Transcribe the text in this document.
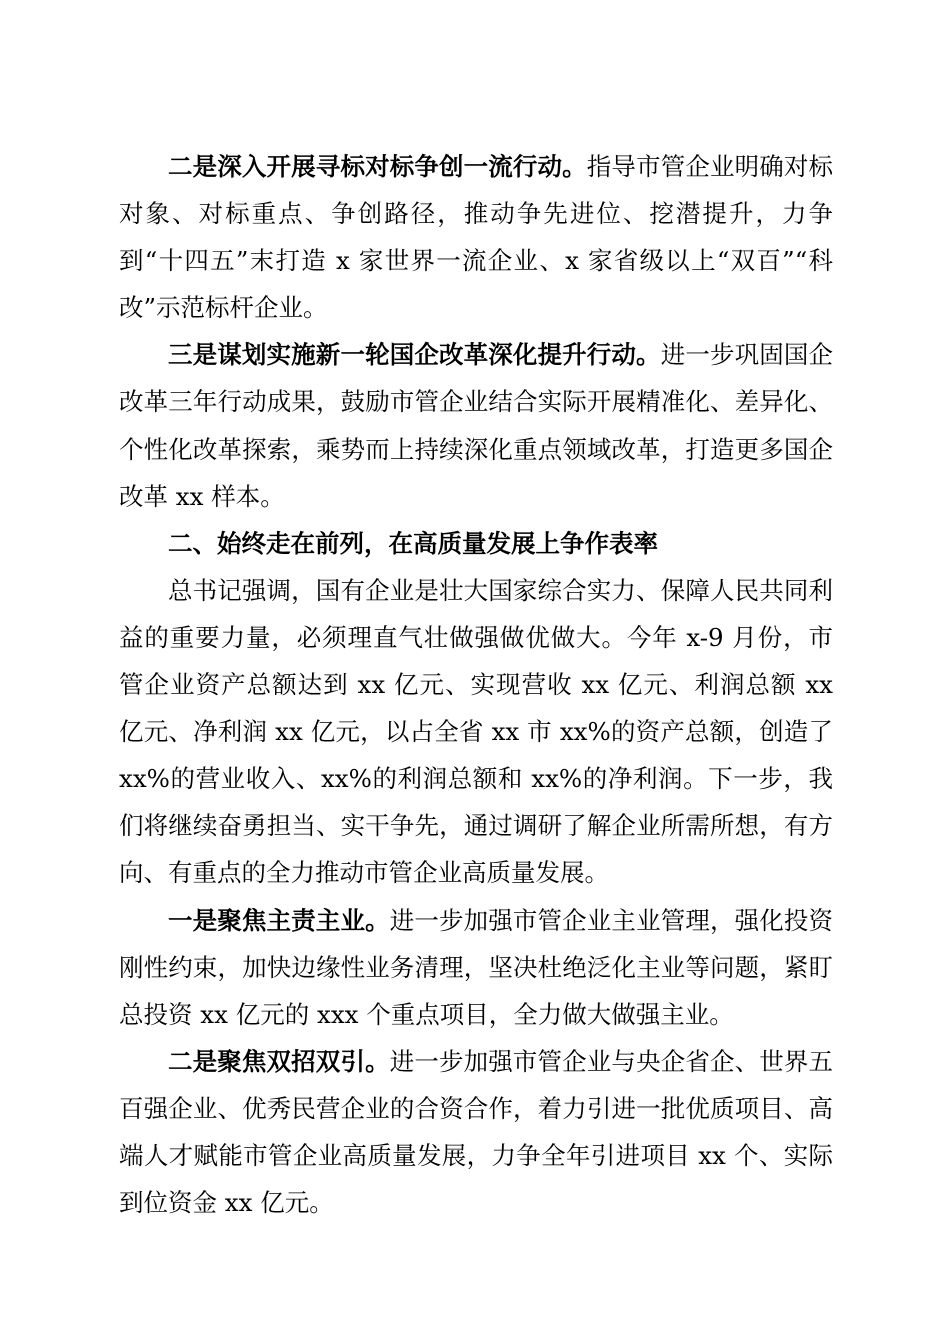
二是深入开展寻标对标争创一流行动。指导市管企业明确对标对象、对标重点、争创路径，推动争先进位、挖潜提升，力争到“十四五”末打造 x 家世界一流企业、x 家省级以上“双百”“科改”示范标杆企业。

三是谋划实施新一轮国企改革深化提升行动。进一步巩固国企改革三年行动成果，鼓励市管企业结合实际开展精准化、差异化、个性化改革探索，乘势而上持续深化重点领域改革，打造更多国企改革 xx 样本。

二、始终走在前列，在高质量发展上争作表率

总书记强调，国有企业是壮大国家综合实力、保障人民共同利益的重要力量，必须理直气壮做强做优做大。今年 x-9 月份，市管企业资产总额达到 xx 亿元、实现营收 xx 亿元、利润总额 xx 亿元、净利润 xx 亿元，以占全省 xx 市 xx%的资产总额，创造了 xx%的营业收入、xx%的利润总额和 xx%的净利润。下一步，我们将继续奋勇担当、实干争先，通过调研了解企业所需所想，有方向、有重点的全力推动市管企业高质量发展。

一是聚焦主责主业。进一步加强市管企业主业管理，强化投资刚性约束，加快边缘性业务清理，坚决杜绝泛化主业等问题，紧盯总投资 xx 亿元的 xxx 个重点项目，全力做大做强主业。

二是聚焦双招双引。进一步加强市管企业与央企省企、世界五百强企业、优秀民营企业的合资合作，着力引进一批优质项目、高端人才赋能市管企业高质量发展，力争全年引进项目 xx 个、实际到位资金 xx 亿元。
